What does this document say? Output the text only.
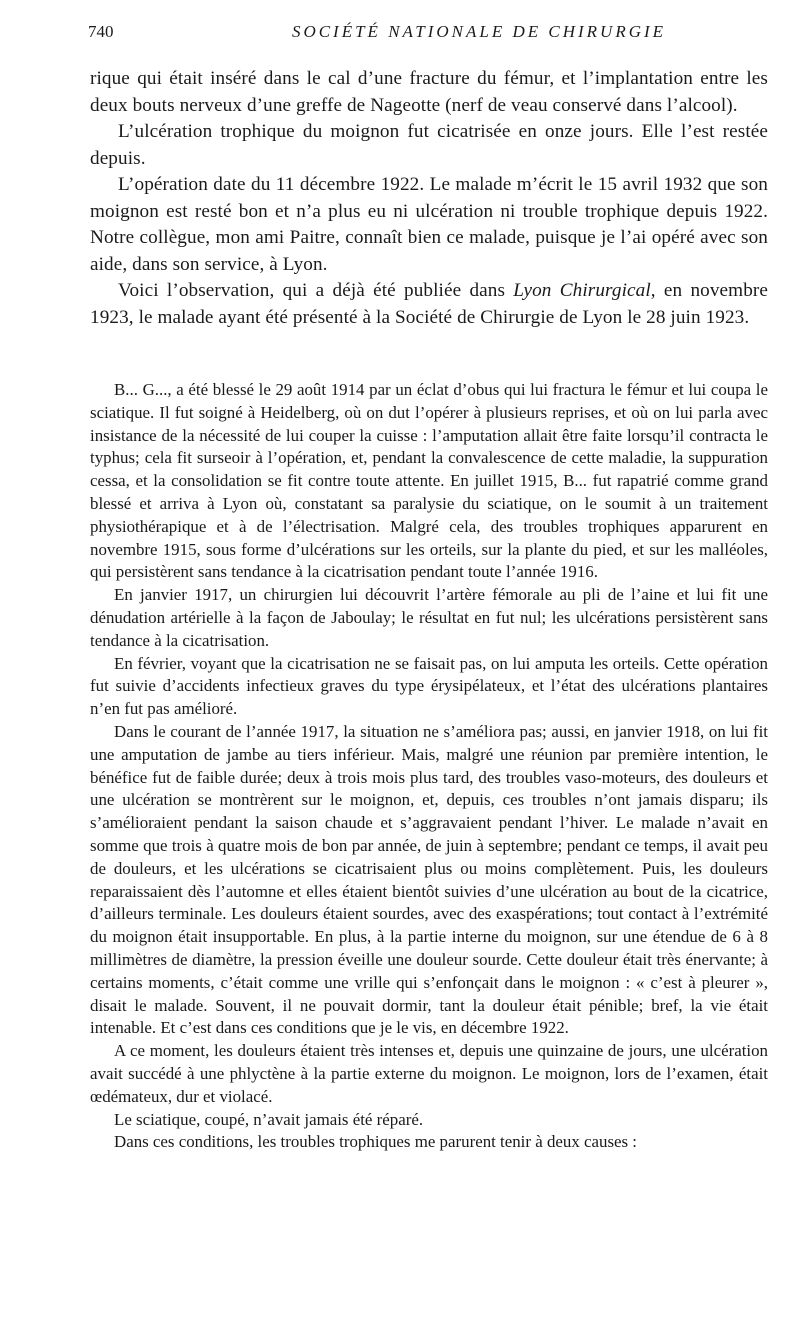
740	SOCIÉTÉ NATIONALE DE CHIRURGIE

rique qui était inséré dans le cal d’une fracture du fémur, et l’implantation entre les deux bouts nerveux d’une greffe de Nageotte (nerf de veau conservé dans l’alcool).

L’ulcération trophique du moignon fut cicatrisée en onze jours. Elle l’est restée depuis.

L’opération date du 11 décembre 1922. Le malade m’écrit le 15 avril 1932 que son moignon est resté bon et n’a plus eu ni ulcération ni trouble trophique depuis 1922. Notre collègue, mon ami Paitre, connaît bien ce malade, puisque je l’ai opéré avec son aide, dans son service, à Lyon.

Voici l’observation, qui a déjà été publiée dans Lyon Chirurgical, en novembre 1923, le malade ayant été présenté à la Société de Chirurgie de Lyon le 28 juin 1923.

B... G..., a été blessé le 29 août 1914 par un éclat d’obus qui lui fractura le fémur et lui coupa le sciatique. Il fut soigné à Heidelberg, où on dut l’opérer à plusieurs reprises, et où on lui parla avec insistance de la nécessité de lui couper la cuisse : l’amputation allait être faite lorsqu’il contracta le typhus; cela fit surseoir à l’opération, et, pendant la convalescence de cette maladie, la suppuration cessa, et la consolidation se fit contre toute attente. En juillet 1915, B... fut rapatrié comme grand blessé et arriva à Lyon où, constatant sa paralysie du sciatique, on le soumit à un traitement physiothérapique et à de l’électrisation. Malgré cela, des troubles trophiques apparurent en novembre 1915, sous forme d’ulcérations sur les orteils, sur la plante du pied, et sur les malléoles, qui persistèrent sans tendance à la cicatrisation pendant toute l’année 1916.

En janvier 1917, un chirurgien lui découvrit l’artère fémorale au pli de l’aine et lui fit une dénudation artérielle à la façon de Jaboulay; le résultat en fut nul; les ulcérations persistèrent sans tendance à la cicatrisation.

En février, voyant que la cicatrisation ne se faisait pas, on lui amputa les orteils. Cette opération fut suivie d’accidents infectieux graves du type érysipélateux, et l’état des ulcérations plantaires n’en fut pas amélioré.

Dans le courant de l’année 1917, la situation ne s’améliora pas; aussi, en janvier 1918, on lui fit une amputation de jambe au tiers inférieur. Mais, malgré une réunion par première intention, le bénéfice fut de faible durée; deux à trois mois plus tard, des troubles vaso-moteurs, des douleurs et une ulcération se montrèrent sur le moignon, et, depuis, ces troubles n’ont jamais disparu; ils s’amélioraient pendant la saison chaude et s’aggravaient pendant l’hiver. Le malade n’avait en somme que trois à quatre mois de bon par année, de juin à septembre; pendant ce temps, il avait peu de douleurs, et les ulcérations se cicatrisaient plus ou moins complètement. Puis, les douleurs reparaissaient dès l’automne et elles étaient bientôt suivies d’une ulcération au bout de la cicatrice, d’ailleurs terminale. Les douleurs étaient sourdes, avec des exaspérations; tout contact à l’extrémité du moignon était insupportable. En plus, à la partie interne du moignon, sur une étendue de 6 à 8 millimètres de diamètre, la pression éveille une douleur sourde. Cette douleur était très énervante; à certains moments, c’était comme une vrille qui s’enfonçait dans le moignon : « c’est à pleurer », disait le malade. Souvent, il ne pouvait dormir, tant la douleur était pénible; bref, la vie était intenable. Et c’est dans ces conditions que je le vis, en décembre 1922.

A ce moment, les douleurs étaient très intenses et, depuis une quinzaine de jours, une ulcération avait succédé à une phlyctène à la partie externe du moignon. Le moignon, lors de l’examen, était œdémateux, dur et violacé.

Le sciatique, coupé, n’avait jamais été réparé.

Dans ces conditions, les troubles trophiques me parurent tenir à deux causes :
